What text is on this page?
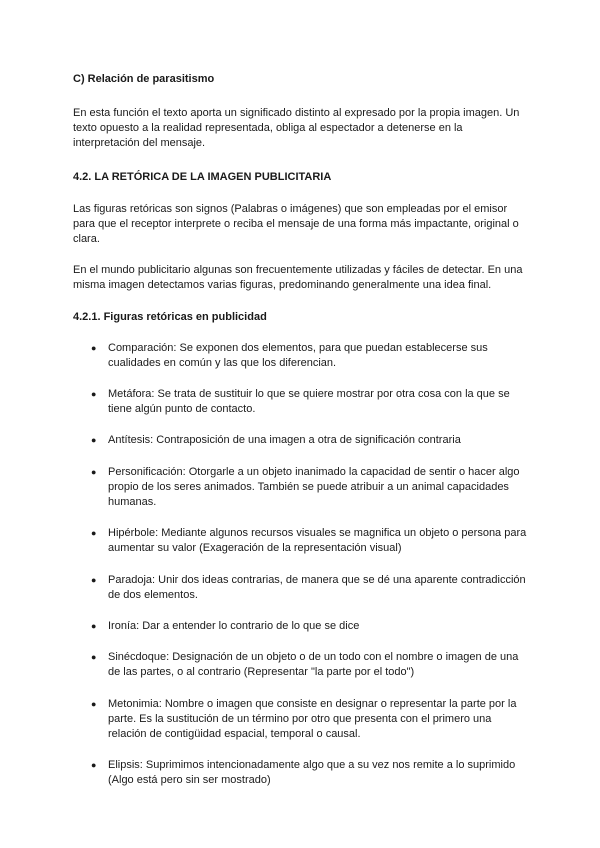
C) Relación de parasitismo

En esta función el texto aporta un significado distinto al expresado por la propia imagen. Un texto opuesto a la realidad representada, obliga al espectador a detenerse en la interpretación del mensaje.

4.2. LA RETÓRICA DE LA IMAGEN PUBLICITARIA

Las figuras retóricas son signos (Palabras o imágenes) que son empleadas por el emisor para que el receptor interprete o reciba el mensaje de una forma más impactante, original o clara.

En el mundo publicitario algunas son frecuentemente utilizadas y fáciles de detectar. En una misma imagen detectamos varias figuras, predominando generalmente una idea final.

4.2.1. Figuras retóricas en publicidad
● Comparación: Se exponen dos elementos, para que puedan establecerse sus cualidades en común y las que los diferencian.
● Metáfora: Se trata de sustituir lo que se quiere mostrar por otra cosa con la que se tiene algún punto de contacto.
● Antítesis: Contraposición de una imagen a otra de significación contraria
● Personificación: Otorgarle a un objeto inanimado la capacidad de sentir o hacer algo propio de los seres animados. También se puede atribuir a un animal capacidades humanas.
● Hipérbole: Mediante algunos recursos visuales se magnifica un objeto o persona para aumentar su valor (Exageración de la representación visual)
● Paradoja: Unir dos ideas contrarias, de manera que se dé una aparente contradicción de dos elementos.
● Ironía: Dar a entender lo contrario de lo que se dice
● Sinécdoque: Designación de un objeto o de un todo con el nombre o imagen de una de las partes, o al contrario (Representar "la parte por el todo")
● Metonimia: Nombre o imagen que consiste en designar o representar la parte por la parte. Es la sustitución de un término por otro que presenta con el primero una relación de contigüidad espacial, temporal o causal.
● Elipsis: Suprimimos intencionadamente algo que a su vez nos remite a lo suprimido (Algo está pero sin ser mostrado)
